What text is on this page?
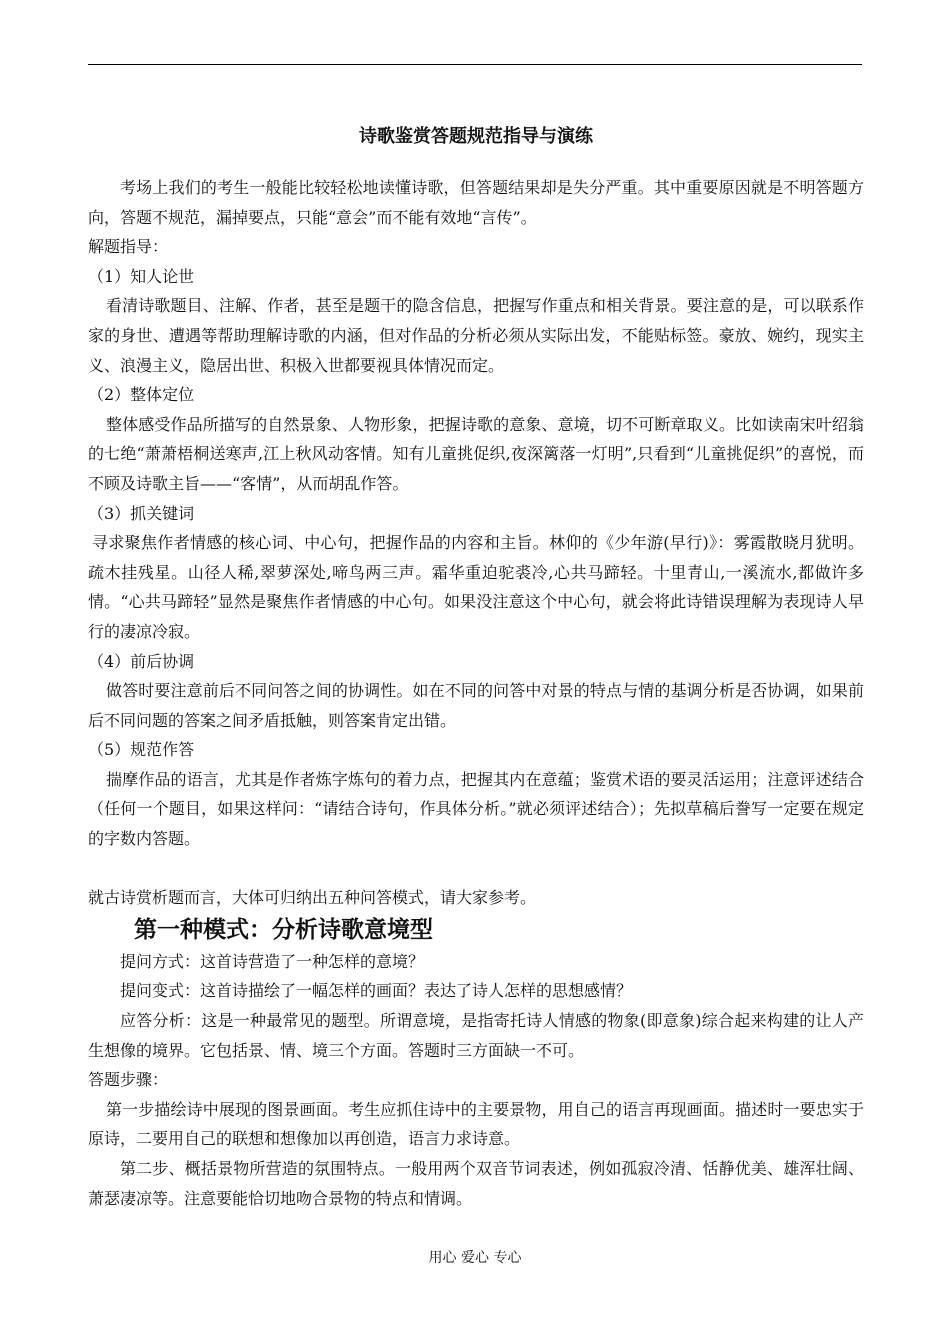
诗歌鉴赏答题规范指导与演练

考场上我们的考生一般能比较轻松地读懂诗歌，但答题结果却是失分严重。其中重要原因就是不明答题方向，答题不规范，漏掉要点，只能“意会”而不能有效地“言传”。

解题指导：

（1）知人论世

看清诗歌题目、注解、作者，甚至是题干的隐含信息，把握写作重点和相关背景。要注意的是，可以联系作家的身世、遭遇等帮助理解诗歌的内涵，但对作品的分析必须从实际出发，不能贴标签。豪放、婉约，现实主义、浪漫主义，隐居出世、积极入世都要视具体情况而定。

（2）整体定位

整体感受作品所描写的自然景象、人物形象，把握诗歌的意象、意境，切不可断章取义。比如读南宋叶绍翁的七绝“萧萧梧桐送寒声,江上秋风动客情。知有儿童挑促织,夜深篱落一灯明”,只看到“儿童挑促织”的喜悦，而不顾及诗歌主旨——“客情”，从而胡乱作答。

（3）抓关键词

寻求聚焦作者情感的核心词、中心句，把握作品的内容和主旨。林仰的《少年游(早行)》：雾霞散晓月犹明。疏木挂残星。山径人稀,翠萝深处,啼鸟两三声。霜华重迫驼裘冷,心共马蹄轻。十里青山,一溪流水,都做许多情。“心共马蹄轻”显然是聚焦作者情感的中心句。如果没注意这个中心句，就会将此诗错误理解为表现诗人早行的凄凉冷寂。

（4）前后协调

做答时要注意前后不同问答之间的协调性。如在不同的问答中对景的特点与情的基调分析是否协调，如果前后不同问题的答案之间矛盾抵触，则答案肯定出错。

（5）规范作答

揣摩作品的语言，尤其是作者炼字炼句的着力点，把握其内在意蕴；鉴赏术语的要灵活运用；注意评述结合（任何一个题目，如果这样问：“请结合诗句，作具体分析。”就必须评述结合）；先拟草稿后誊写一定要在规定的字数内答题。

就古诗赏析题而言，大体可归纳出五种问答模式，请大家参考。

第一种模式：分析诗歌意境型

提问方式：这首诗营造了一种怎样的意境？

提问变式：这首诗描绘了一幅怎样的画面？表达了诗人怎样的思想感情？

应答分析：这是一种最常见的题型。所谓意境，是指寄托诗人情感的物象(即意象)综合起来构建的让人产生想像的境界。它包括景、情、境三个方面。答题时三方面缺一不可。

答题步骤：

第一步描绘诗中展现的图景画面。考生应抓住诗中的主要景物，用自己的语言再现画面。描述时一要忠实于原诗，二要用自己的联想和想像加以再创造，语言力求诗意。

第二步、概括景物所营造的氛围特点。一般用两个双音节词表述，例如孤寂冷清、恬静优美、雄浑壮阔、萧瑟凄凉等。注意要能恰切地吻合景物的特点和情调。

用心 爱心 专心
